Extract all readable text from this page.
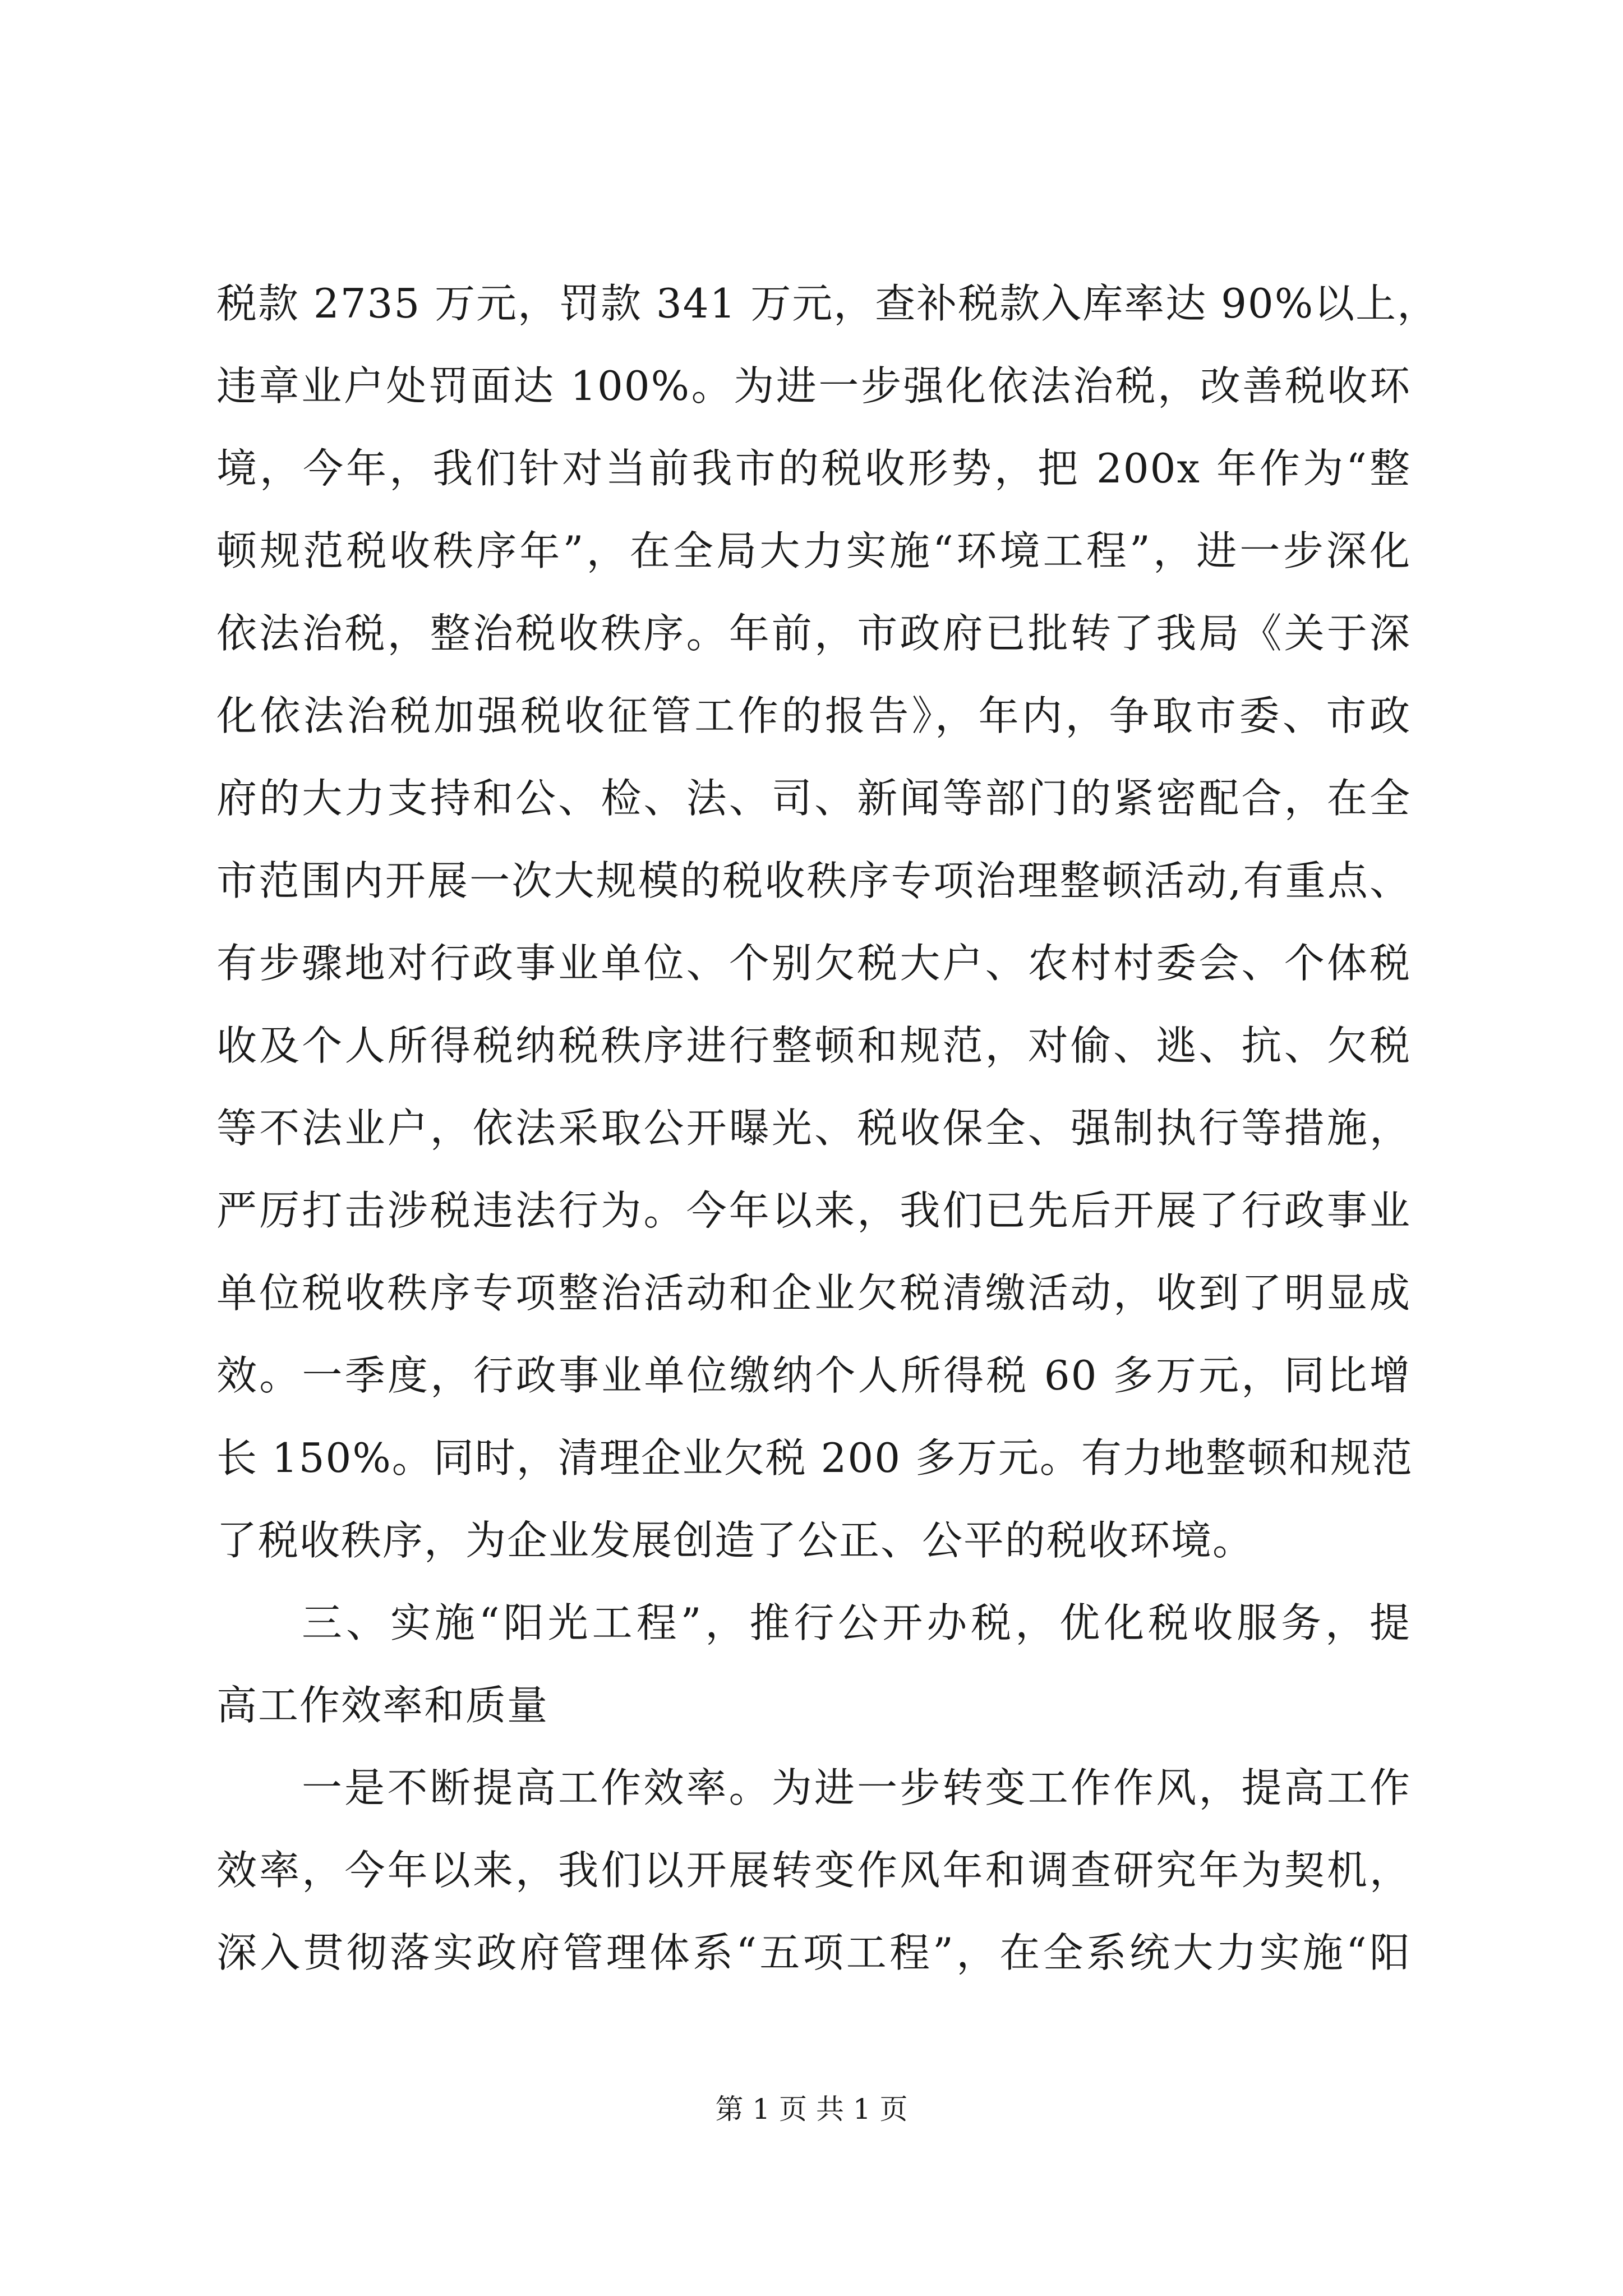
税款 2735 万元，罚款 341 万元，查补税款入库率达 90%以上，
违章业户处罚面达 100%。为进一步强化依法治税，改善税收环
境，今年，我们针对当前我市的税收形势，把 200x 年作为“整
顿规范税收秩序年”，在全局大力实施“环境工程”，进一步深化
依法治税，整治税收秩序。年前，市政府已批转了我局《关于深
化依法治税加强税收征管工作的报告》，年内，争取市委、市政
府的大力支持和公、检、法、司、新闻等部门的紧密配合，在全
市范围内开展一次大规模的税收秩序专项治理整顿活动,有重点、
有步骤地对行政事业单位、个别欠税大户、农村村委会、个体税
收及个人所得税纳税秩序进行整顿和规范，对偷、逃、抗、欠税
等不法业户，依法采取公开曝光、税收保全、强制执行等措施，
严厉打击涉税违法行为。今年以来，我们已先后开展了行政事业
单位税收秩序专项整治活动和企业欠税清缴活动，收到了明显成
效。一季度，行政事业单位缴纳个人所得税 60 多万元，同比增
长 150%。同时，清理企业欠税 200 多万元。有力地整顿和规范
了税收秩序，为企业发展创造了公正、公平的税收环境。
三、实施“阳光工程”，推行公开办税，优化税收服务，提
高工作效率和质量
一是不断提高工作效率。为进一步转变工作作风，提高工作
效率，今年以来，我们以开展转变作风年和调查研究年为契机，
深入贯彻落实政府管理体系“五项工程”，在全系统大力实施“阳
第 1 页 共 1 页
